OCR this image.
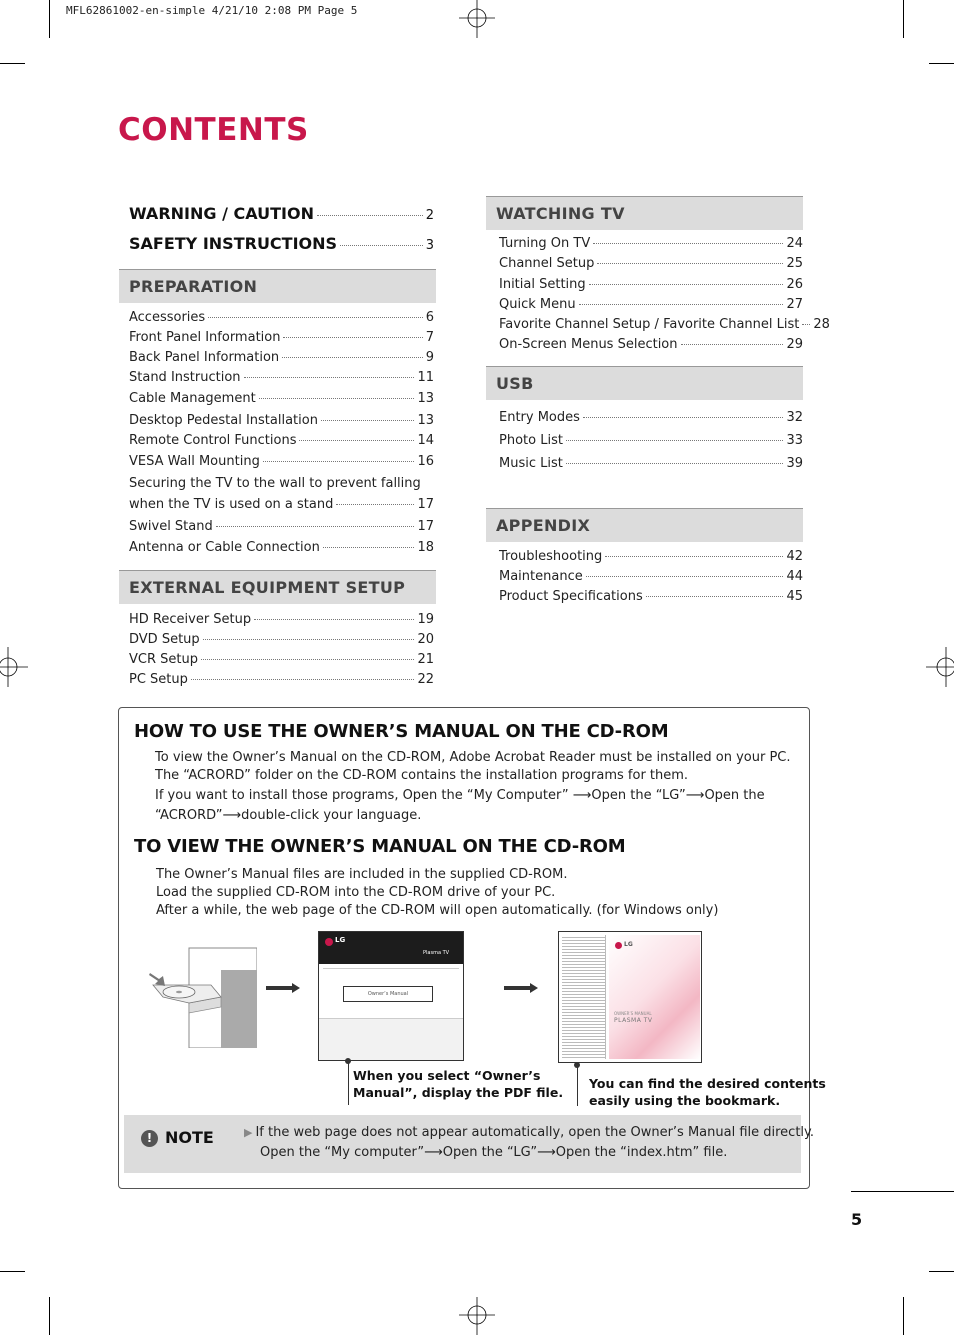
MFL62861002-en-simple 4/21/10 2:08 PM Page 5
CONTENTS
WARNING / CAUTION	2
SAFETY INSTRUCTIONS	3
PREPARATION
Accessories	6
Front Panel Information	7
Back Panel Information	9
Stand Instruction	11
Cable Management	13
Desktop Pedestal Installation	13
Remote Control Functions	14
VESA Wall Mounting	16
Securing the TV to the wall to prevent falling
when the TV is used on a stand	17
Swivel Stand	17
Antenna or Cable Connection	18
EXTERNAL EQUIPMENT SETUP
HD Receiver Setup	19
DVD Setup	20
VCR Setup	21
PC Setup	22
WATCHING TV
Turning On TV	24
Channel Setup	25
Initial Setting	26
Quick Menu	27
Favorite Channel Setup / Favorite Channel List 28
On-Screen Menus Selection	29
USB
Entry Modes	32
Photo List	33
Music List	39
APPENDIX
Troubleshooting	42
Maintenance	44
Product Specifications	45
HOW TO USE THE OWNER’S MANUAL ON THE CD-ROM
To view the Owner’s Manual on the CD-ROM, Adobe Acrobat Reader must be installed on your PC.
The “ACRORD” folder on the CD-ROM contains the installation programs for them.
If you want to install those programs, Open the “My Computer” ⟶Open the “LG”⟶Open the
“ACRORD”⟶double-click your language.
TO VIEW THE OWNER’S MANUAL ON THE CD-ROM
The Owner’s Manual files are included in the supplied CD-ROM.
Load the supplied CD-ROM into the CD-ROM drive of your PC.
After a while, the web page of the CD-ROM will open automatically. (for Windows only)
LG
Plasma TV
Owner’s Manual
LG
OWNER’S MANUAL
PLASMA TV
When you select “Owner’s
Manual”, display the PDF file.
You can find the desired contents
easily using the bookmark.
! NOTE	▶ If the web page does not appear automatically, open the Owner’s Manual file directly.
Open the “My computer”⟶Open the “LG”⟶Open the “index.htm” file.
5
